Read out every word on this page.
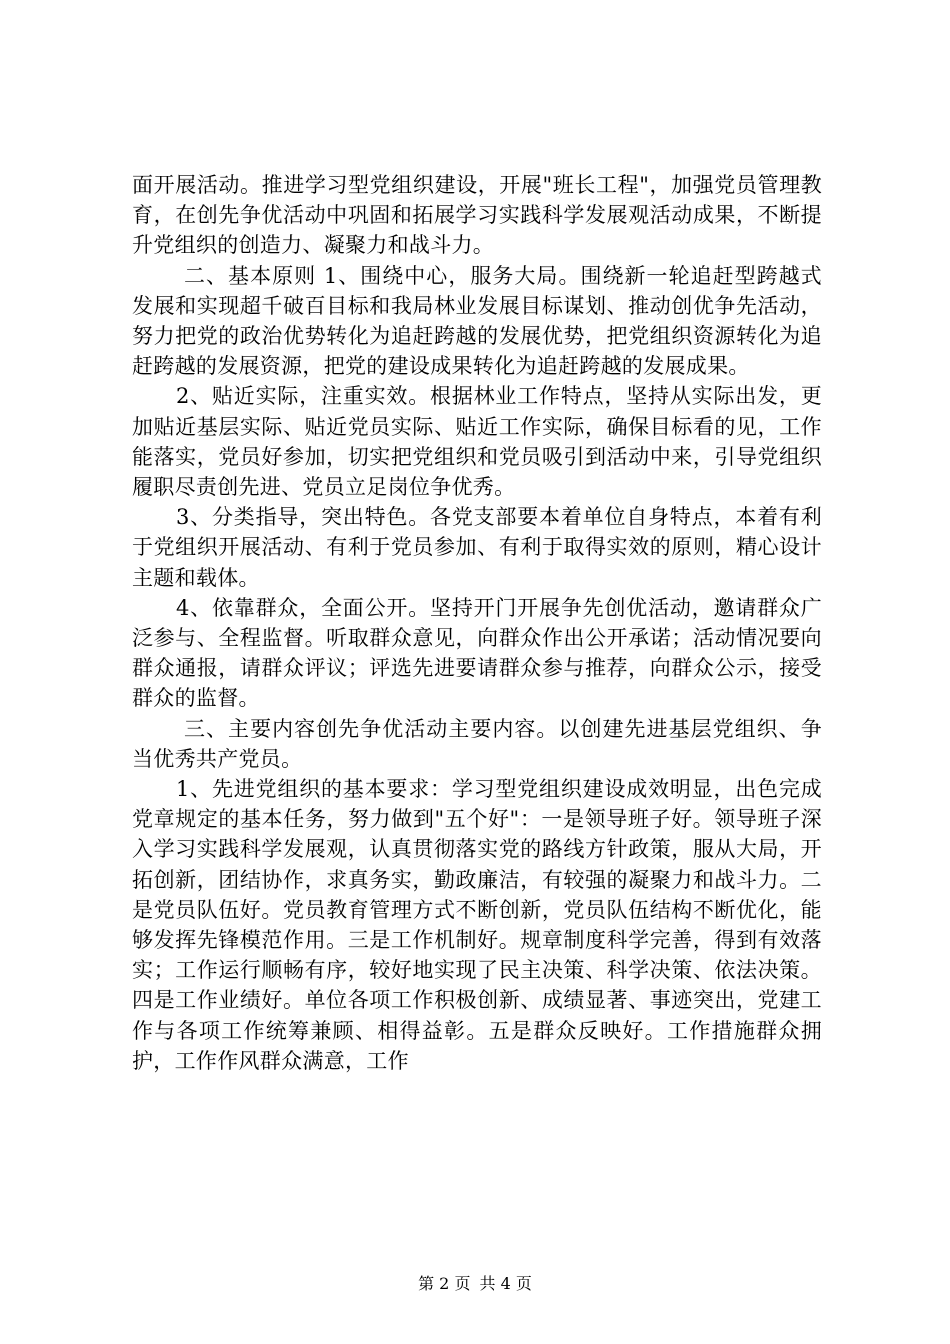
面开展活动。推进学习型党组织建设，开展"班长工程"，加强党员管理教育，在创先争优活动中巩固和拓展学习实践科学发展观活动成果，不断提升党组织的创造力、凝聚力和战斗力。

二、基本原则 1、围绕中心，服务大局。围绕新一轮追赶型跨越式发展和实现超千破百目标和我局林业发展目标谋划、推动创优争先活动，努力把党的政治优势转化为追赶跨越的发展优势，把党组织资源转化为追赶跨越的发展资源，把党的建设成果转化为追赶跨越的发展成果。

2、贴近实际，注重实效。根据林业工作特点，坚持从实际出发，更加贴近基层实际、贴近党员实际、贴近工作实际，确保目标看的见，工作能落实，党员好参加，切实把党组织和党员吸引到活动中来，引导党组织履职尽责创先进、党员立足岗位争优秀。

3、分类指导，突出特色。各党支部要本着单位自身特点，本着有利于党组织开展活动、有利于党员参加、有利于取得实效的原则，精心设计主题和载体。

4、依靠群众，全面公开。坚持开门开展争先创优活动，邀请群众广泛参与、全程监督。听取群众意见，向群众作出公开承诺；活动情况要向群众通报，请群众评议；评选先进要请群众参与推荐，向群众公示，接受群众的监督。

三、主要内容创先争优活动主要内容。以创建先进基层党组织、争当优秀共产党员。

1、先进党组织的基本要求：学习型党组织建设成效明显，出色完成党章规定的基本任务，努力做到"五个好"：一是领导班子好。领导班子深入学习实践科学发展观，认真贯彻落实党的路线方针政策，服从大局，开拓创新，团结协作，求真务实，勤政廉洁，有较强的凝聚力和战斗力。二是党员队伍好。党员教育管理方式不断创新，党员队伍结构不断优化，能够发挥先锋模范作用。三是工作机制好。规章制度科学完善，得到有效落实；工作运行顺畅有序，较好地实现了民主决策、科学决策、依法决策。四是工作业绩好。单位各项工作积极创新、成绩显著、事迹突出，党建工作与各项工作统筹兼顾、相得益彰。五是群众反映好。工作措施群众拥护，工作作风群众满意，工作

第 2 页 共 4 页
